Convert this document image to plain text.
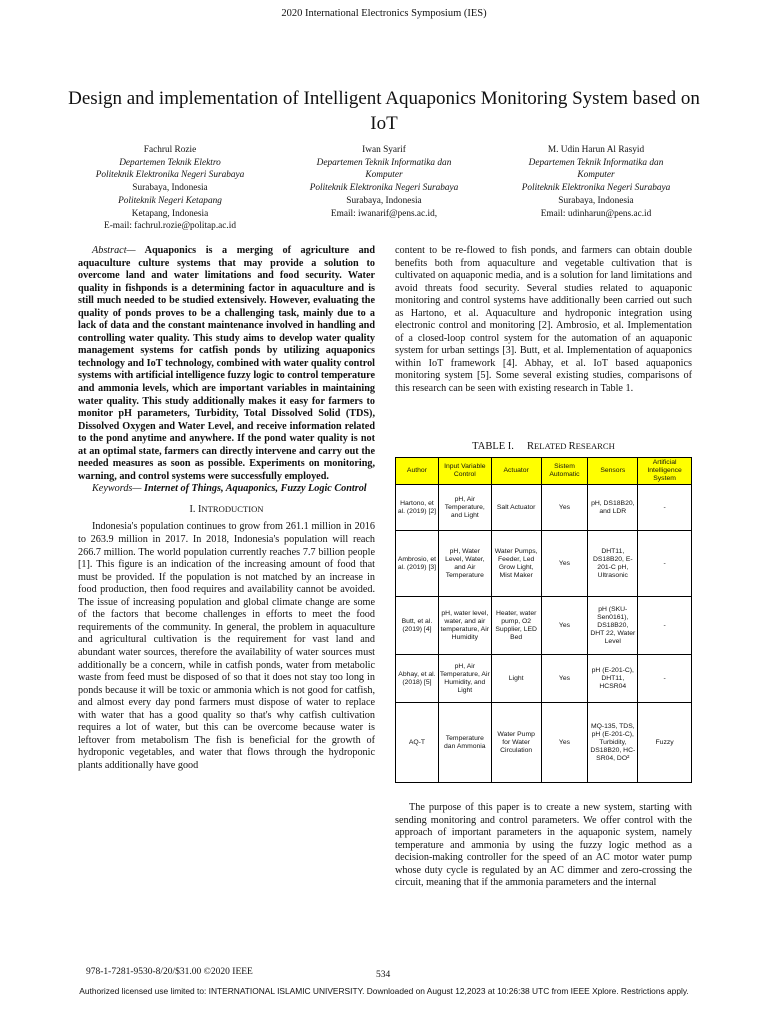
2020 International Electronics Symposium (IES)
Design and implementation of Intelligent Aquaponics Monitoring System based on IoT
Fachrul Rozie
Departemen Teknik Elektro
Politeknik Elektronika Negeri Surabaya
Surabaya, Indonesia
Politeknik Negeri Ketapang
Ketapang, Indonesia
E-mail: fachrul.rozie@politap.ac.id
Iwan Syarif
Departemen Teknik Informatika dan
Komputer
Politeknik Elektronika Negeri Surabaya
Surabaya, Indonesia
Email: iwanarif@pens.ac.id,
M. Udin Harun Al Rasyid
Departemen Teknik Informatika dan
Komputer
Politeknik Elektronika Negeri Surabaya
Surabaya, Indonesia
Email: udinharun@pens.ac.id

Abstract— Aquaponics is a merging of agriculture and aquaculture culture systems that may provide a solution to overcome land and water limitations and food security. Water quality in fishponds is a determining factor in aquaculture and is still much needed to be studied extensively. However, evaluating the quality of ponds proves to be a challenging task, mainly due to a lack of data and the constant maintenance involved in handling and controlling water quality. This study aims to develop water quality management systems for catfish ponds by utilizing aquaponics technology and IoT technology, combined with water quality control systems with artificial intelligence fuzzy logic to control temperature and ammonia levels, which are important variables in maintaining water quality. This study additionally makes it easy for farmers to monitor pH parameters, Turbidity, Total Dissolved Solid (TDS), Dissolved Oxygen and Water Level, and receive information related to the pond anytime and anywhere. If the pond water quality is not at an optimal state, farmers can directly intervene and carry out the needed measures as soon as possible. Experiments on monitoring, warning, and control systems were successfully employed.

Keywords— Internet of Things, Aquaponics, Fuzzy Logic Control

I. INTRODUCTION

Indonesia's population continues to grow from 261.1 million in 2016 to 263.9 million in 2017. In 2018, Indonesia's population will reach 266.7 million. The world population currently reaches 7.7 billion people [1]. This figure is an indication of the increasing amount of food that must be provided. If the population is not matched by an increase in food production, then food requires and availability cannot be avoided. The issue of increasing population and global climate change are some of the factors that become challenges in efforts to meet the food requirements of the community. In general, the problem in aquaculture and agricultural cultivation is the requirement for vast land and abundant water sources, therefore the availability of water sources must additionally be a concern, while in catfish ponds, water from metabolic waste from feed must be disposed of so that it does not stay too long in ponds because it will be toxic or ammonia which is not good for catfish, and almost every day pond farmers must dispose of water to replace with water that has a good quality so that's why catfish cultivation requires a lot of water, but this can be overcome because water is leftover from metabolism The fish is beneficial for the growth of hydroponic vegetables, and water that flows through the hydroponic plants additionally have good

content to be re-flowed to fish ponds, and farmers can obtain double benefits both from aquaculture and vegetable cultivation that is cultivated on aquaponic media, and is a solution for land limitations and avoid threats food security. Several studies related to aquaponic monitoring and control systems have additionally been carried out such as Hartono, et al. Aquaculture and hydroponic integration using electronic control and monitoring [2]. Ambrosio, et al. Implementation of a closed-loop control system for the automation of an aquaponic system for urban settings [3]. Butt, et al. Implementation of aquaponics within IoT framework [4]. Abhay, et al. IoT based aquaponics monitoring system [5]. Some several existing studies, comparisons of this research can be seen with existing research in Table 1.

TABLE I. RELATED RESEARCH
Author	Input Variable Control	Actuator	Sistem Automatic	Sensors	Artificial Intelligence System
Hartono, et al. (2019) [2]	pH, Air Temperature, and Light	Salt Actuator	Yes	pH, DS18B20, and LDR	-
Ambrosio, et al. (2019) [3]	pH, Water Level, Water, and Air Temperature	Water Pumps, Feeder, Led Grow Light, Mist Maker	Yes	DHT11, DS18B20, E-201-C pH, Ultrasonic	-
Butt, et al. (2019) [4]	pH, water level, water, and air temperature, Air Humidity	Heater, water pump, O2 Supplier, LED Bed	Yes	pH (SKU-Sen0161), DS18B20, DHT 22, Water Level	-
Abhay, et al. (2018) [5]	pH, Air Temperature, Air Humidity, and Light	Light	Yes	pH (E-201-C), DHT11, HCSR04	-
AQ-T	Temperature dan Ammonia	Water Pump for Water Circulation	Yes	MQ-135, TDS, pH (E-201-C), Turbidity, DS18B20, HC-SR04, DO²	Fuzzy

The purpose of this paper is to create a new system, starting with sending monitoring and control parameters. We offer control with the approach of important parameters in the aquaponic system, namely temperature and ammonia by using the fuzzy logic method as a decision-making controller for the speed of an AC motor water pump whose duty cycle is regulated by an AC dimmer and zero-crossing the circuit, meaning that if the ammonia parameters and the internal

978-1-7281-9530-8/20/$31.00 ©2020 IEEE	534
Authorized licensed use limited to: INTERNATIONAL ISLAMIC UNIVERSITY. Downloaded on August 12,2023 at 10:26:38 UTC from IEEE Xplore. Restrictions apply.
